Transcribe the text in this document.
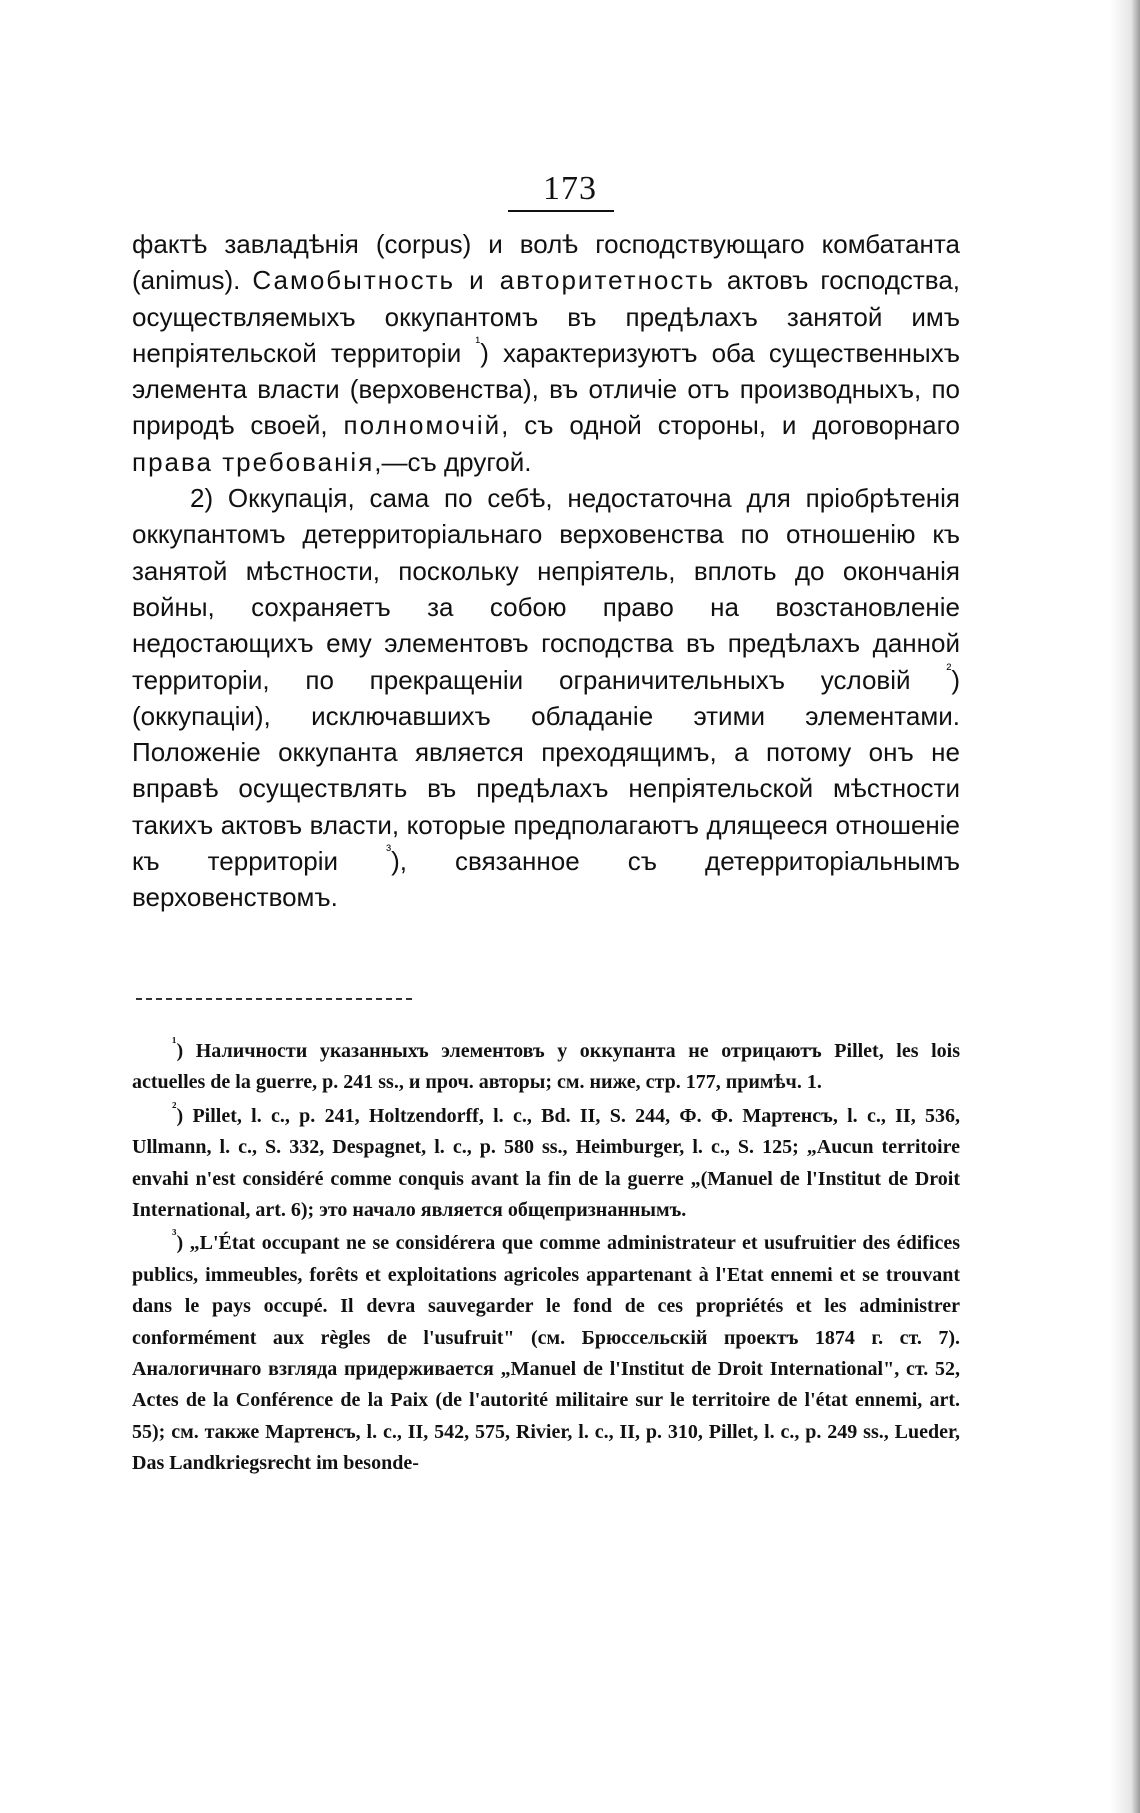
173

фактѣ завладѣнія (corpus) и волѣ господствующаго комбатанта (animus). Самобытность и авторитетность актовъ господства, осуществляемыхъ оккупантомъ въ предѣлахъ занятой имъ непріятельской территоріи $^{^1}$) характеризуютъ оба существенныхъ элемента власти (верховенства), въ отличіе отъ производныхъ, по природѣ своей, полномочій, съ одной стороны, и договорнаго права требованія,—съ другой.

2) Оккупація, сама по себѣ, недостаточна для пріобрѣтенія оккупантомъ детерриторіальнаго верховенства по отношенію къ занятой мѣстности, поскольку непріятель, вплоть до окончанія войны, сохраняетъ за собою право на возстановленіе недостающихъ ему элементовъ господства въ предѣлахъ данной территоріи, по прекращеніи ограничительныхъ условій $^{^2}$) (оккупаціи), исключавшихъ обладаніе этими элементами. Положеніе оккупанта является преходящимъ, а потому онъ не вправѣ осуществлять въ предѣлахъ непріятельской мѣстности такихъ актовъ власти, которые предполагаютъ длящееся отношеніе къ территоріи $^{^3}$), связанное съ детерриторіальнымъ верховенствомъ.

$^{^1}$) Наличности указанныхъ элементовъ у оккупанта не отрицаютъ Pillet, les lois actuelles de la guerre, p. 241 ss., и проч. авторы; см. ниже, стр. 177, примѣч. 1.

$^{^2}$) Pillet, l. c., p. 241, Holtzendorff, l. c., Bd. II, S. 244, Ф. Ф. Мартенсъ, l. c., II, 536, Ullmann, l. c., S. 332, Despagnet, l. c., p. 580 ss., Heimburger, l. c., S. 125; „Aucun territoire envahi n'est considéré comme conquis avant la fin de la guerre „(Manuel de l'Institut de Droit International, art. 6); это начало является общепризнаннымъ.

$^{^3}$) „L'État occupant ne se considérera que comme administrateur et usufruitier des édifices publics, immeubles, forêts et exploitations agricoles appartenant à l'Etat ennemi et se trouvant dans le pays occupé. Il devra sauvegarder le fond de ces propriétés et les administrer conformément aux règles de l'usufruit" (см. Брюссельскій проектъ 1874 г. ст. 7). Аналогичнаго взгляда придерживается „Manuel de l'Institut de Droit International", ст. 52, Actes de la Conférence de la Paix (de l'autorité militaire sur le territoire de l'état ennemi, art. 55); см. также Мартенсъ, l. c., II, 542, 575, Rivier, l. c., II, p. 310, Pillet, l. c., p. 249 ss., Lueder, Das Landkriegsrecht im besonde-
